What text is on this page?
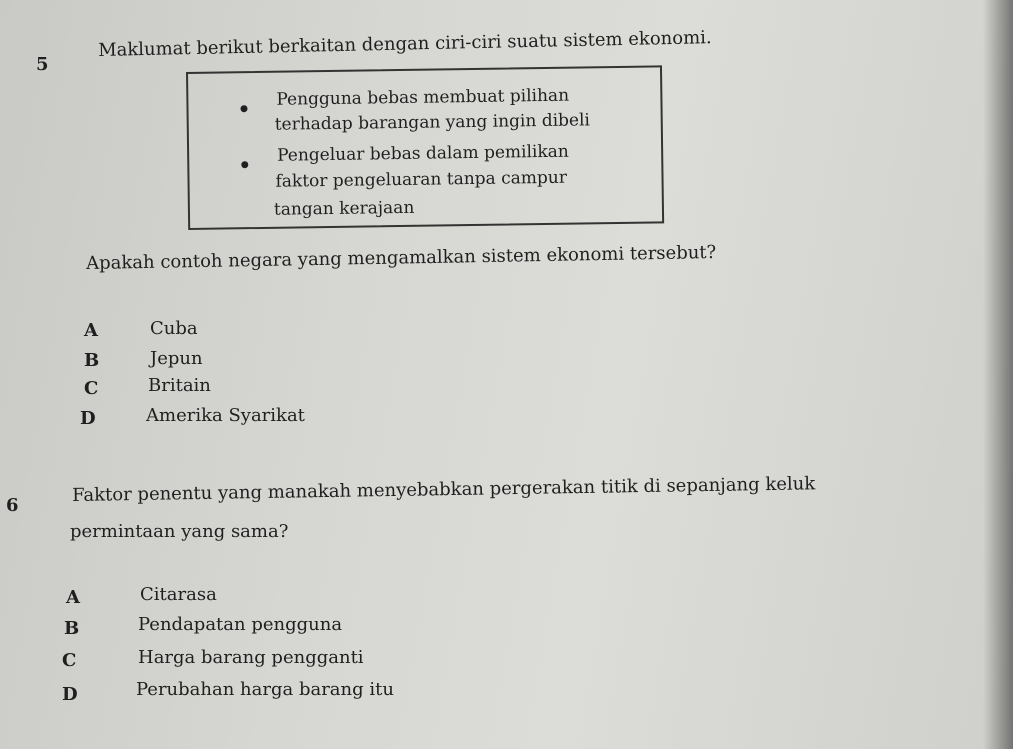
5
Maklumat berikut berkaitan dengan ciri-ciri suatu sistem ekonomi.
Pengguna bebas membuat pilihan
terhadap barangan yang ingin dibeli
Pengeluar bebas dalam pemilikan
faktor pengeluaran tanpa campur
tangan kerajaan
Apakah contoh negara yang mengamalkan sistem ekonomi tersebut?
A	Cuba
B	Jepun
C	Britain
D	Amerika Syarikat
6	Faktor penentu yang manakah menyebabkan pergerakan titik di sepanjang keluk
permintaan yang sama?
A	Citarasa
B	Pendapatan pengguna
C	Harga barang pengganti
D	Perubahan harga barang itu
